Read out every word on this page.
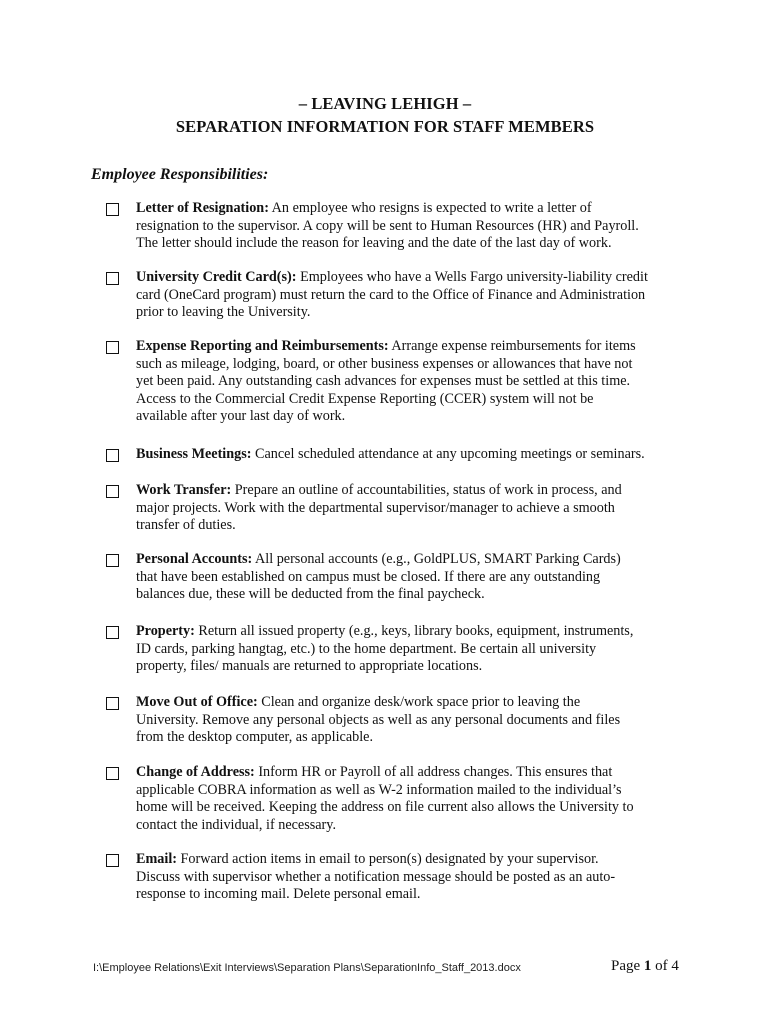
– LEAVING LEHIGH –
SEPARATION INFORMATION FOR STAFF MEMBERS
Employee Responsibilities:
Letter of Resignation: An employee who resigns is expected to write a letter of
resignation to the supervisor. A copy will be sent to Human Resources (HR) and Payroll.
The letter should include the reason for leaving and the date of the last day of work.
University Credit Card(s): Employees who have a Wells Fargo university-liability credit
card (OneCard program) must return the card to the Office of Finance and Administration
prior to leaving the University.
Expense Reporting and Reimbursements: Arrange expense reimbursements for items
such as mileage, lodging, board, or other business expenses or allowances that have not
yet been paid. Any outstanding cash advances for expenses must be settled at this time.
Access to the Commercial Credit Expense Reporting (CCER) system will not be
available after your last day of work.
Business Meetings: Cancel scheduled attendance at any upcoming meetings or seminars.
Work Transfer: Prepare an outline of accountabilities, status of work in process, and
major projects. Work with the departmental supervisor/manager to achieve a smooth
transfer of duties.
Personal Accounts: All personal accounts (e.g., GoldPLUS, SMART Parking Cards)
that have been established on campus must be closed. If there are any outstanding
balances due, these will be deducted from the final paycheck.
Property: Return all issued property (e.g., keys, library books, equipment, instruments,
ID cards, parking hangtag, etc.) to the home department. Be certain all university
property, files/ manuals are returned to appropriate locations.
Move Out of Office: Clean and organize desk/work space prior to leaving the
University. Remove any personal objects as well as any personal documents and files
from the desktop computer, as applicable.
Change of Address: Inform HR or Payroll of all address changes. This ensures that
applicable COBRA information as well as W-2 information mailed to the individual’s
home will be received. Keeping the address on file current also allows the University to
contact the individual, if necessary.
Email: Forward action items in email to person(s) designated by your supervisor.
Discuss with supervisor whether a notification message should be posted as an auto-
response to incoming mail. Delete personal email.
I:\Employee Relations\Exit Interviews\Separation Plans\SeparationInfo_Staff_2013.docx	Page 1 of 4
